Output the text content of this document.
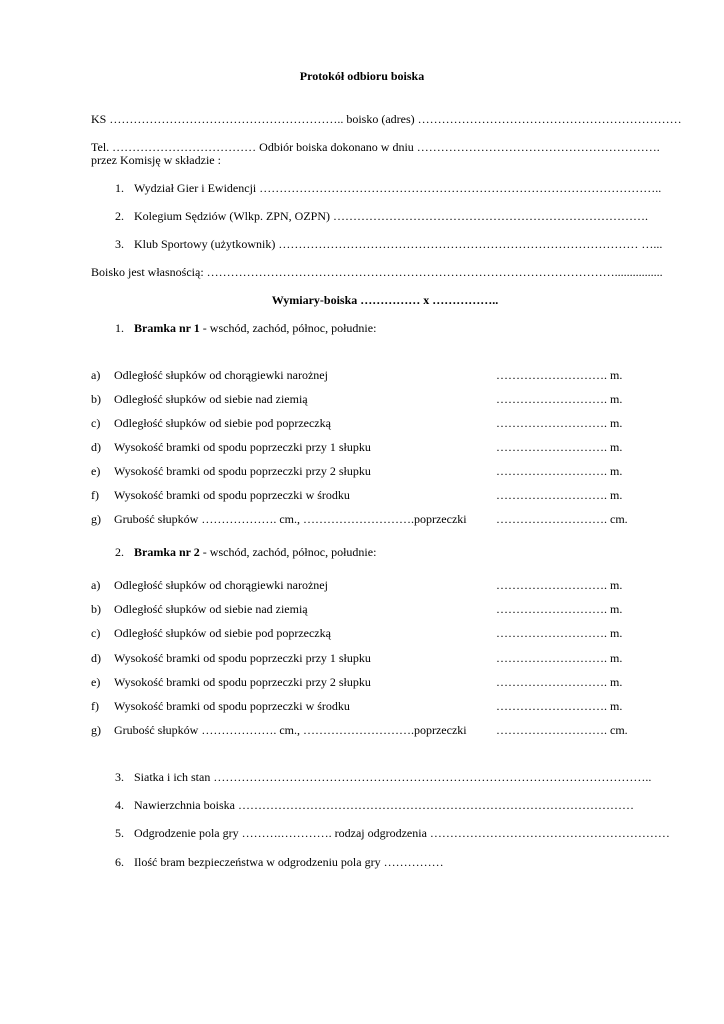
Protokół odbioru boiska
KS ………………………………………………….. boisko (adres) …………………………………………………………
Tel. ……………………………… Odbiór boiska dokonano w dniu …………………………………………………….
przez Komisję w składzie :
1. Wydział Gier i Ewidencji ………………………………………………………………………………………..
2. Kolegium Sędziów (Wlkp. ZPN, OZPN) …………………………………………………………………….
3. Klub Sportowy (użytkownik) ……………………………………………………………………………… …...
Boisko jest własnością: …………………………………………………………………………………………................
Wymiary-boiska …………… x ……………..
1. Bramka nr 1 - wschód, zachód, północ, południe:
a) Odległość słupków od chorągiewki narożnej	………………………. m.
b) Odległość słupków od siebie nad ziemią	………………………. m.
c) Odległość słupków od siebie pod poprzeczką	………………………. m.
d) Wysokość bramki od spodu poprzeczki przy 1 słupku	………………………. m.
e) Wysokość bramki od spodu poprzeczki przy 2 słupku	………………………. m.
f) Wysokość bramki od spodu poprzeczki w środku	………………………. m.
g) Grubość słupków ………………. cm., ……………………….poprzeczki ………………………. cm.
2. Bramka nr 2 - wschód, zachód, północ, południe:
a) Odległość słupków od chorągiewki narożnej	………………………. m.
b) Odległość słupków od siebie nad ziemią	………………………. m.
c) Odległość słupków od siebie pod poprzeczką	………………………. m.
d) Wysokość bramki od spodu poprzeczki przy 1 słupku	………………………. m.
e) Wysokość bramki od spodu poprzeczki przy 2 słupku	………………………. m.
f) Wysokość bramki od spodu poprzeczki w środku	………………………. m.
g) Grubość słupków ………………. cm., ……………………….poprzeczki ………………………. cm.
3. Siatka i ich stan ………………………………………………………………………………………………..
4. Nawierzchnia boiska ………………………………………………………………………………………
5. Odgrodzenie pola gry ……….…………. rodzaj odgrodzenia ……………………………………………………
6. Ilość bram bezpieczeństwa w odgrodzeniu pola gry ……………
